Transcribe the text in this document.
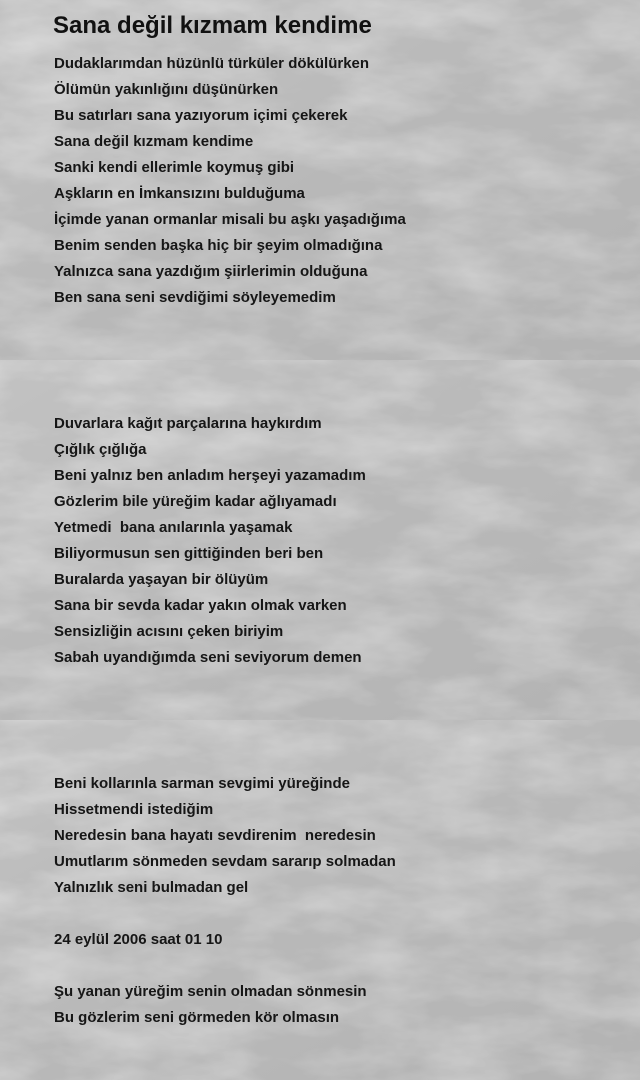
Sana değil kızmam kendime
Dudaklarımdan hüzünlü türküler dökülürken
Ölümün yakınlığını düşünürken
Bu satırları sana yazıyorum içimi çekerek
Sana değil kızmam kendime
Sanki kendi ellerimle koymuş gibi
Aşkların en İmkansızını bulduğuma
İçimde yanan ormanlar misali bu aşkı yaşadığıma
Benim senden başka hiç bir şeyim olmadığına
Yalnızca sana yazdığım şiirlerimin olduğuna
Ben sana seni sevdiğimi söyleyemedim
Duvarlara kağıt parçalarına haykırdım
Çığlık çığlığa
Beni yalnız ben anladım herşeyi yazamadım
Gözlerim bile yüreğim kadar ağlıyamadı
Yetmedi  bana anılarınla yaşamak
Biliyormusun sen gittiğinden beri ben
Buralarda yaşayan bir ölüyüm
Sana bir sevda kadar yakın olmak varken
Sensizliğin acısını çeken biriyim
Sabah uyandığımda seni seviyorum demen
Beni kollarınla sarman sevgimi yüreğinde
Hissetmendi istediğim
Neredesin bana hayatı sevdirenim  neredesin
Umutlarım sönmeden sevdam sararıp solmadan
Yalnızlık seni bulmadan gel
24 eylül 2006 saat 01 10
Şu yanan yüreğim senin olmadan sönmesin
Bu gözlerim seni görmeden kör olmasın
